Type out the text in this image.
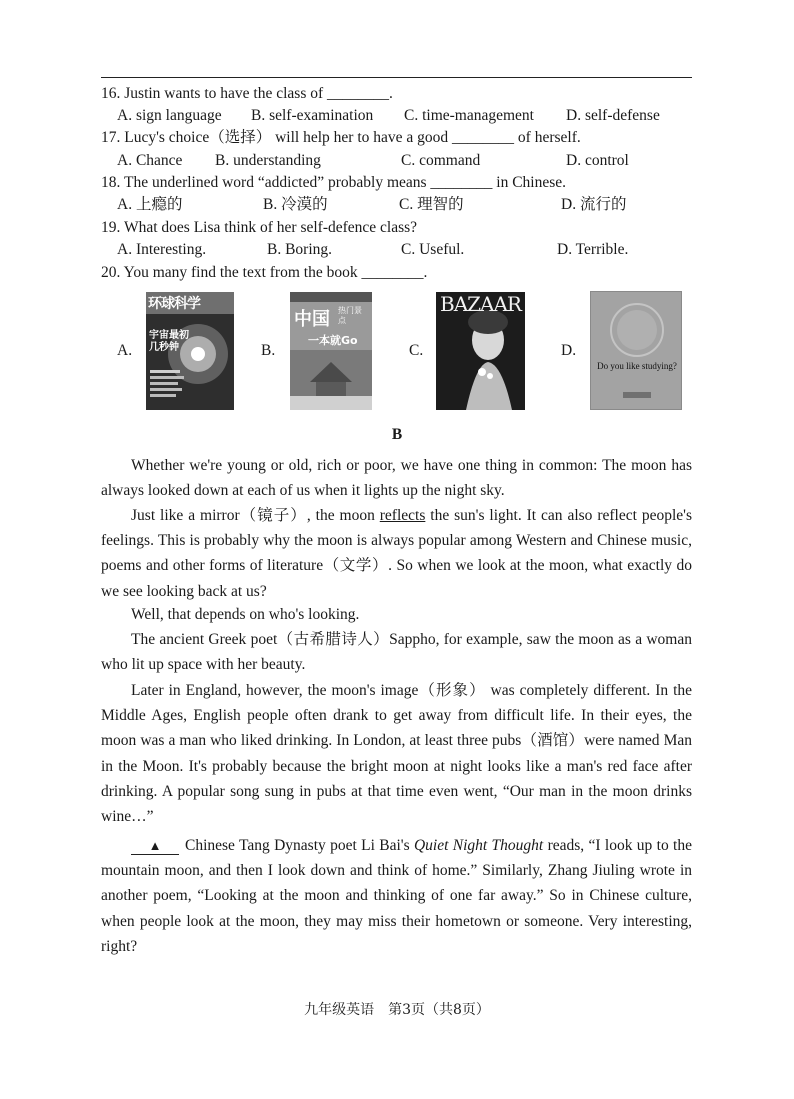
16. Justin wants to have the class of ________.
A. sign language B. self-examination C. time-management D. self-defense
17. Lucy's choice（选择） will help her to have a good ________ of herself.
A. Chance B. understanding	C. command	D. control
18. The underlined word “addicted” probably means ________ in Chinese.
A. 上瘾的	B. 冷漠的	C. 理智的	D. 流行的
19. What does Lisa think of her self-defence class?
A. Interesting.	B. Boring.	C. Useful.	D. Terrible.
20. You many find the text from the book ________.
A.	B.	C.	D.
环球科学
宇宙最初几秒钟
中国 热门景点
一本就Go
BAZAAR
Do you like studying?
B
Whether we're young or old, rich or poor, we have one thing in common: The moon has always looked down at each of us when it lights up the night sky.
Just like a mirror（镜子）, the moon reflects the sun's light. It can also reflect people's feelings. This is probably why the moon is always popular among Western and Chinese music, poems and other forms of literature（文学）. So when we look at the moon, what exactly do we see looking back at us?
Well, that depends on who's looking.
The ancient Greek poet（古希腊诗人）Sappho, for example, saw the moon as a woman who lit up space with her beauty.
Later in England, however, the moon's image（形象） was completely different. In the Middle Ages, English people often drank to get away from difficult life. In their eyes, the moon was a man who liked drinking. In London, at least three pubs（酒馆）were named Man in the Moon. It's probably because the bright moon at night looks like a man's red face after drinking. A popular song sung in pubs at that time even went, “Our man in the moon drinks wine…”
▲ Chinese Tang Dynasty poet Li Bai's Quiet Night Thought reads, “I look up to the mountain moon, and then I look down and think of home.” Similarly, Zhang Jiuling wrote in another poem, “Looking at the moon and thinking of one far away.” So in Chinese culture, when people look at the moon, they may miss their hometown or someone. Very interesting, right?
九年级英语　第3页（共8页）
